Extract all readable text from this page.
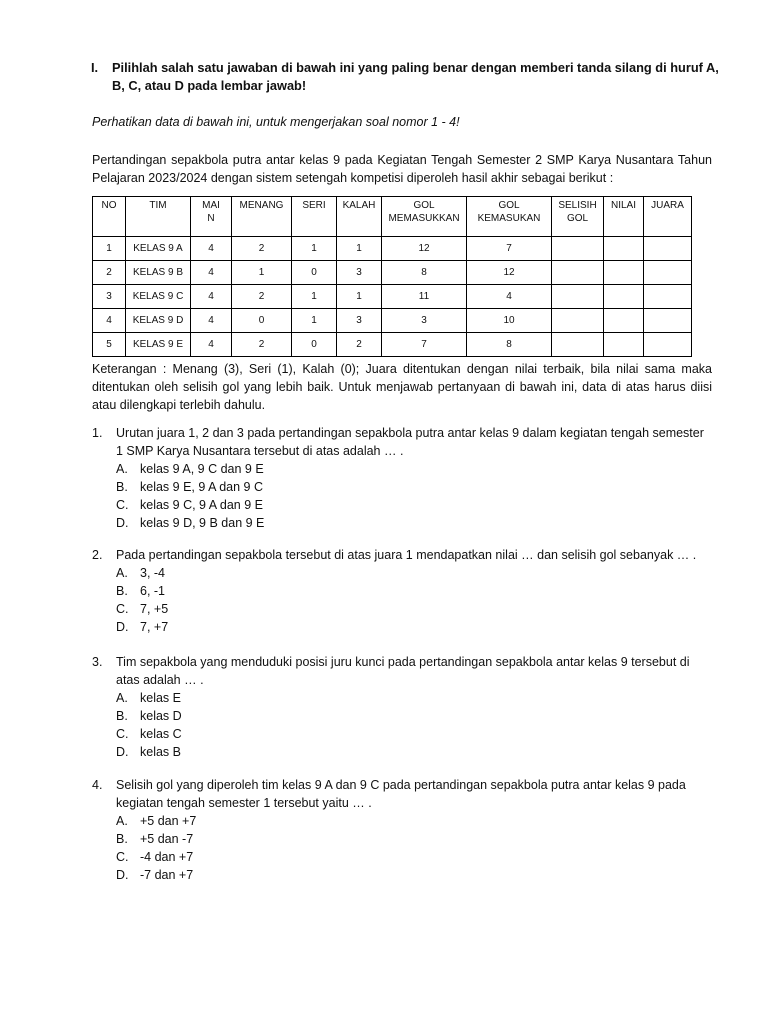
I. Pilihlah salah satu jawaban di bawah ini yang paling benar dengan memberi tanda silang di huruf A, B, C, atau D pada lembar jawab!
Perhatikan data di bawah ini, untuk mengerjakan soal nomor 1 - 4!
Pertandingan sepakbola putra antar kelas 9 pada Kegiatan Tengah Semester 2 SMP Karya Nusantara Tahun Pelajaran 2023/2024 dengan sistem setengah kompetisi diperoleh hasil akhir sebagai berikut :
NO	TIM	MAIN	MENANG	SERI	KALAH	GOL MEMASUKKAN	GOL KEMASUKAN	SELISIH GOL	NILAI	JUARA
1	KELAS 9 A	4	2	1	1	12	7			
2	KELAS 9 B	4	1	0	3	8	12			
3	KELAS 9 C	4	2	1	1	11	4			
4	KELAS 9 D	4	0	1	3	3	10			
5	KELAS 9 E	4	2	0	2	7	8			
Keterangan : Menang (3), Seri (1), Kalah (0); Juara ditentukan dengan nilai terbaik, bila nilai sama maka ditentukan oleh selisih gol yang lebih baik. Untuk menjawab pertanyaan di bawah ini, data di atas harus diisi atau dilengkapi terlebih dahulu.
1. Urutan juara 1, 2 dan 3 pada pertandingan sepakbola putra antar kelas 9 dalam kegiatan tengah semester 1 SMP Karya Nusantara tersebut di atas adalah … .
A. kelas 9 A, 9 C dan 9 E
B. kelas 9 E, 9 A dan 9 C
C. kelas 9 C, 9 A dan 9 E
D. kelas 9 D, 9 B dan 9 E
2. Pada pertandingan sepakbola tersebut di atas juara 1 mendapatkan nilai … dan selisih gol sebanyak … .
A. 3, -4
B. 6, -1
C. 7, +5
D. 7, +7
3. Tim sepakbola yang menduduki posisi juru kunci pada pertandingan sepakbola antar kelas 9 tersebut di atas adalah … .
A. kelas E
B. kelas D
C. kelas C
D. kelas B
4. Selisih gol yang diperoleh tim kelas 9 A dan 9 C pada pertandingan sepakbola putra antar kelas 9 pada kegiatan tengah semester 1 tersebut yaitu … .
A. +5 dan +7
B. +5 dan -7
C. -4 dan +7
D. -7 dan +7
